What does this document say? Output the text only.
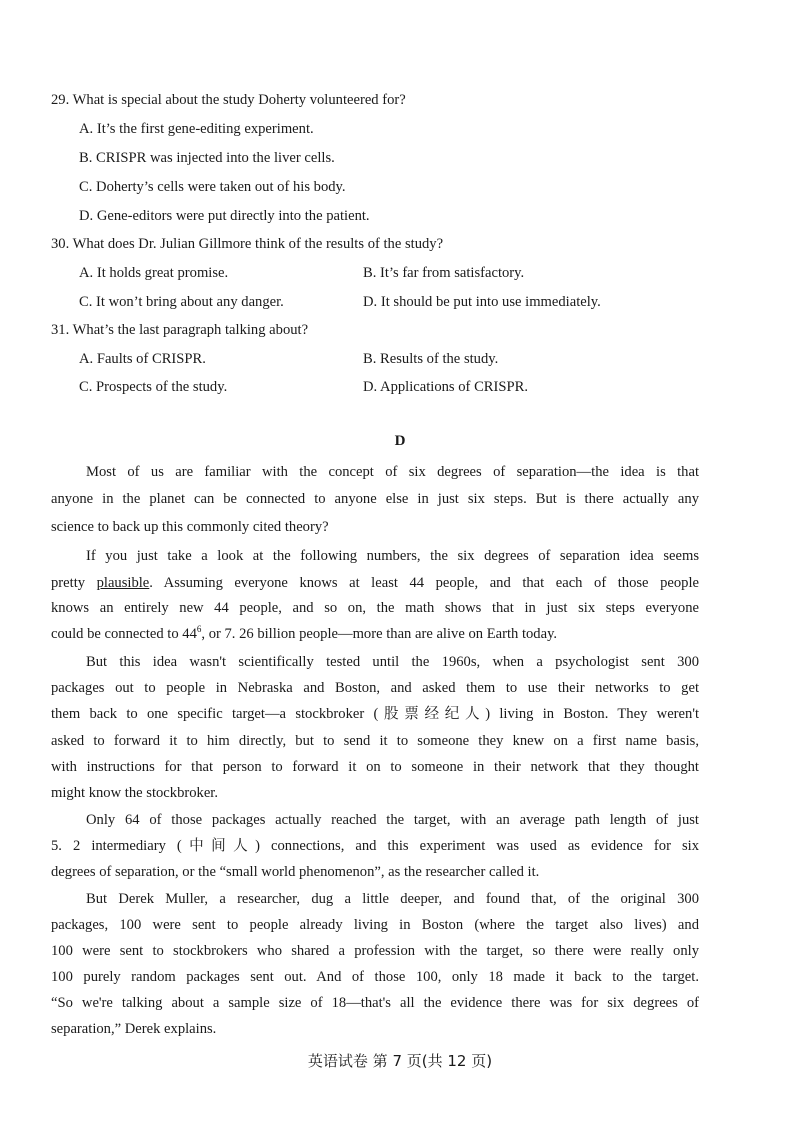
29. What is special about the study Doherty volunteered for?
A. It’s the first gene-editing experiment.
B. CRISPR was injected into the liver cells.
C. Doherty’s cells were taken out of his body.
D. Gene-editors were put directly into the patient.
30. What does Dr. Julian Gillmore think of the results of the study?
A. It holds great promise.	B. It’s far from satisfactory.
C. It won’t bring about any danger.	D. It should be put into use immediately.
31. What’s the last paragraph talking about?
A. Faults of CRISPR.	B. Results of the study.
C. Prospects of the study.	D. Applications of CRISPR.
D
Most of us are familiar with the concept of six degrees of separation—the idea is that
anyone in the planet can be connected to anyone else in just six steps. But is there actually any
science to back up this commonly cited theory?
If you just take a look at the following numbers, the six degrees of separation idea seems
pretty plausible. Assuming everyone knows at least 44 people, and that each of those people
knows an entirely new 44 people, and so on, the math shows that in just six steps everyone
could be connected to $44^6$, or 7. 26 billion people—more than are alive on Earth today.
But this idea wasn't scientifically tested until the 1960s, when a psychologist sent 300
packages out to people in Nebraska and Boston, and asked them to use their networks to get
them back to one specific target—a stockbroker (股票经纪人) living in Boston. They weren't
asked to forward it to him directly, but to send it to someone they knew on a first name basis,
with instructions for that person to forward it on to someone in their network that they thought
might know the stockbroker.
Only 64 of those packages actually reached the target, with an average path length of just
5. 2 intermediary (中间人) connections, and this experiment was used as evidence for six
degrees of separation, or the “small world phenomenon”, as the researcher called it.
But Derek Muller, a researcher, dug a little deeper, and found that, of the original 300
packages, 100 were sent to people already living in Boston (where the target also lives) and
100 were sent to stockbrokers who shared a profession with the target, so there were really only
100 purely random packages sent out. And of those 100, only 18 made it back to the target.
“So we're talking about a sample size of 18—that's all the evidence there was for six degrees of
separation,” Derek explains.
英语试卷 第 7 页(共 12 页)
